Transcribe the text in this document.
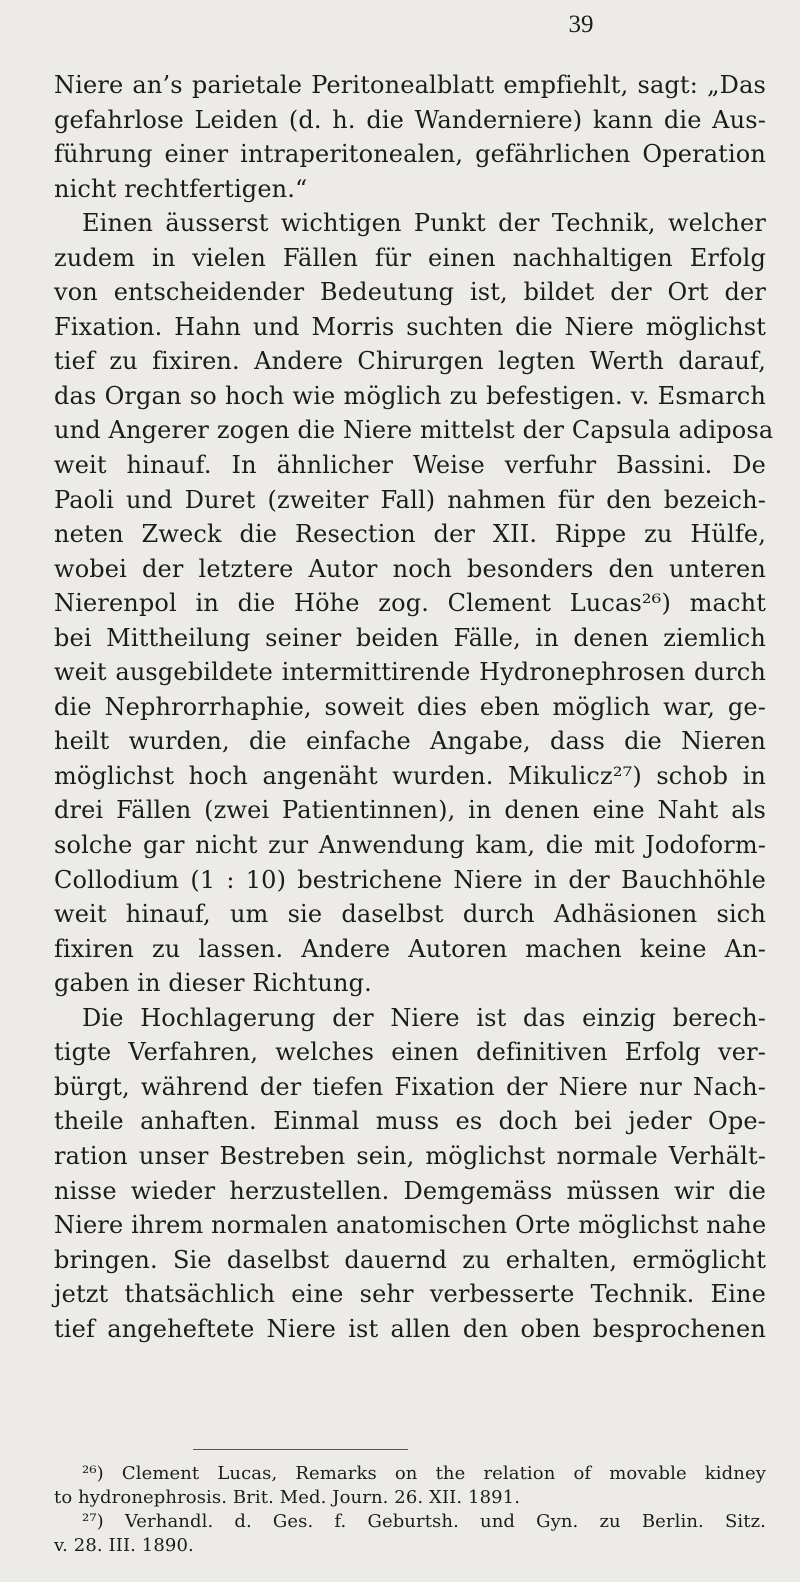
39
Niere an’s parietale Peritonealblatt empfiehlt, sagt: „Das
gefahrlose Leiden (d. h. die Wanderniere) kann die Aus-
führung einer intraperitonealen, gefährlichen Operation
nicht rechtfertigen.“
Einen äusserst wichtigen Punkt der Technik, welcher
zudem in vielen Fällen für einen nachhaltigen Erfolg
von entscheidender Bedeutung ist, bildet der Ort der
Fixation. Hahn und Morris suchten die Niere möglichst
tief zu fixiren. Andere Chirurgen legten Werth darauf,
das Organ so hoch wie möglich zu befestigen. v. Esmarch
und Angerer zogen die Niere mittelst der Capsula adiposa
weit hinauf. In ähnlicher Weise verfuhr Bassini. De
Paoli und Duret (zweiter Fall) nahmen für den bezeich-
neten Zweck die Resection der XII. Rippe zu Hülfe,
wobei der letztere Autor noch besonders den unteren
Nierenpol in die Höhe zog. Clement Lucas²⁶) macht
bei Mittheilung seiner beiden Fälle, in denen ziemlich
weit ausgebildete intermittirende Hydronephrosen durch
die Nephrorrhaphie, soweit dies eben möglich war, ge-
heilt wurden, die einfache Angabe, dass die Nieren
möglichst hoch angenäht wurden. Mikulicz²⁷) schob in
drei Fällen (zwei Patientinnen), in denen eine Naht als
solche gar nicht zur Anwendung kam, die mit Jodoform-
Collodium (1 : 10) bestrichene Niere in der Bauchhöhle
weit hinauf, um sie daselbst durch Adhäsionen sich
fixiren zu lassen. Andere Autoren machen keine An-
gaben in dieser Richtung.
Die Hochlagerung der Niere ist das einzig berech-
tigte Verfahren, welches einen definitiven Erfolg ver-
bürgt, während der tiefen Fixation der Niere nur Nach-
theile anhaften. Einmal muss es doch bei jeder Ope-
ration unser Bestreben sein, möglichst normale Verhält-
nisse wieder herzustellen. Demgemäss müssen wir die
Niere ihrem normalen anatomischen Orte möglichst nahe
bringen. Sie daselbst dauernd zu erhalten, ermöglicht
jetzt thatsächlich eine sehr verbesserte Technik. Eine
tief angeheftete Niere ist allen den oben besprochenen
²⁶) Clement Lucas, Remarks on the relation of movable kidney
to hydronephrosis. Brit. Med. Journ. 26. XII. 1891.
²⁷) Verhandl. d. Ges. f. Geburtsh. und Gyn. zu Berlin. Sitz.
v. 28. III. 1890.
